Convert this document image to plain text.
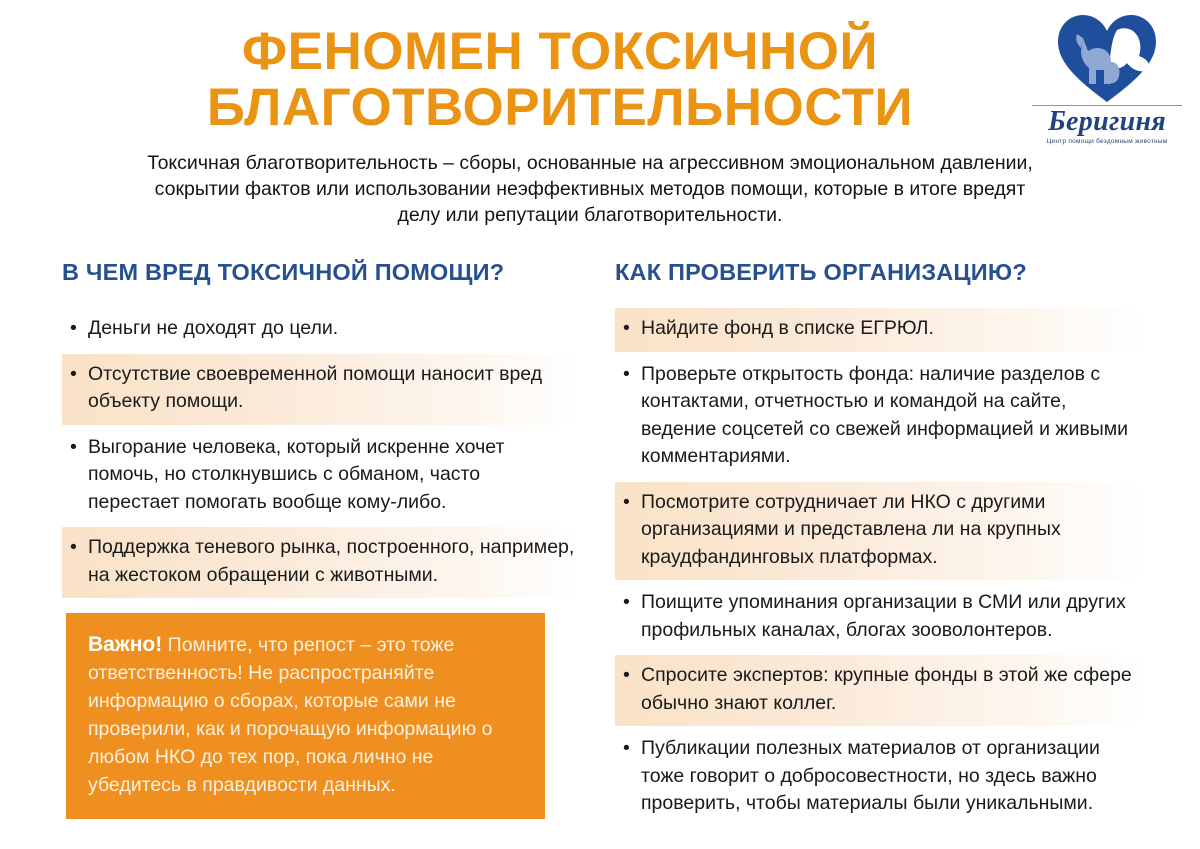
ФЕНОМЕН ТОКСИЧНОЙ
БЛАГОТВОРИТЕЛЬНОСТИ	Беригиня
Центр помощи бездомным животным
Токсичная благотворительность – сборы, основанные на агрессивном эмоциональном давлении, сокрытии фактов или использовании неэффективных методов помощи, которые в итоге вредят делу или репутации благотворительности.
В ЧЕМ ВРЕД ТОКСИЧНОЙ ПОМОЩИ?
• Деньги не доходят до цели.
• Отсутствие своевременной помощи наносит вред объекту помощи.
• Выгорание человека, который искренне хочет помочь, но столкнувшись с обманом, часто перестает помогать вообще кому-либо.
• Поддержка теневого рынка, построенного, например, на жестоком обращении с животными.
КАК ПРОВЕРИТЬ ОРГАНИЗАЦИЮ?
• Найдите фонд в списке ЕГРЮЛ.
• Проверьте открытость фонда: наличие разделов с контактами, отчетностью и командой на сайте, ведение соцсетей со свежей информацией и живыми комментариями.
• Посмотрите сотрудничает ли НКО с другими организациями и представлена ли на крупных краудфандинговых платформах.
• Поищите упоминания организации в СМИ или других профильных каналах, блогах зооволонтеров.
• Спросите экспертов: крупные фонды в этой же сфере обычно знают коллег.
• Публикации полезных материалов от организации тоже говорит о добросовестности, но здесь важно проверить, чтобы материалы были уникальными.
Важно! Помните, что репост – это тоже ответственность! Не распространяйте информацию о сборах, которые сами не проверили, как и порочащую информацию о любом НКО до тех пор, пока лично не убедитесь в правдивости данных.
